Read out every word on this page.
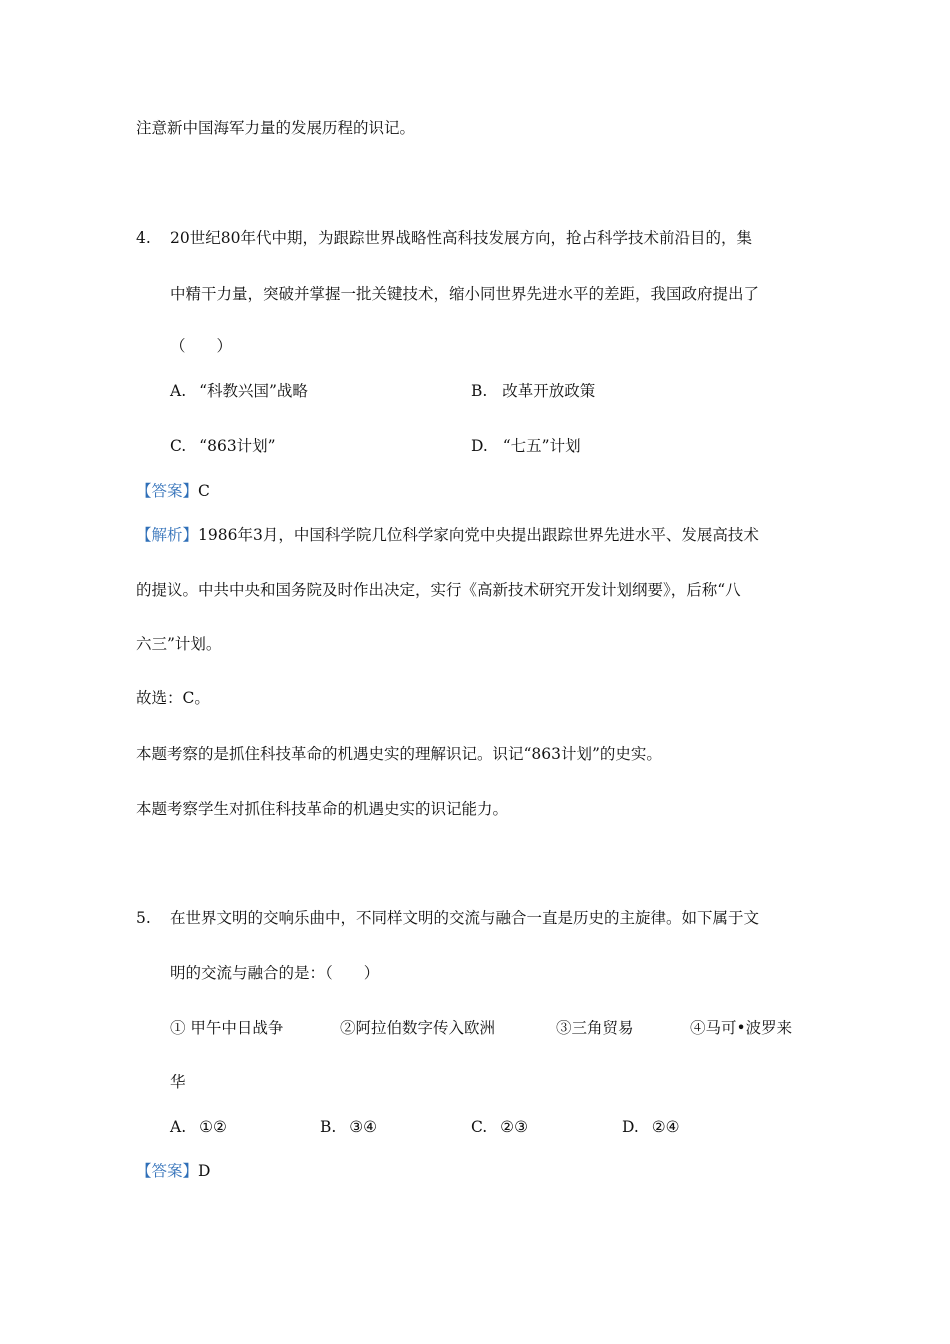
注意新中国海军力量的发展历程的识记。
4. 20世纪80年代中期，为跟踪世界战略性高科技发展方向，抢占科学技术前沿目的，集
中精干力量，突破并掌握一批关键技术，缩小同世界先进水平的差距，我国政府提出了
（　　）
A. “科教兴国”战略	B. 改革开放政策
C. “863计划”	D. “七五”计划
【答案】C
【解析】1986年3月，中国科学院几位科学家向党中央提出跟踪世界先进水平、发展高技术
的提议。中共中央和国务院及时作出决定，实行《高新技术研究开发计划纲要》，后称“八
六三”计划。
故选：C。
本题考察的是抓住科技革命的机遇史实的理解识记。识记“863计划”的史实。
本题考察学生对抓住科技革命的机遇史实的识记能力。
5. 在世界文明的交响乐曲中，不同样文明的交流与融合一直是历史的主旋律。如下属于文
明的交流与融合的是：（　　）
① 甲午中日战争	②阿拉伯数字传入欧洲	③三角贸易	④马可•波罗来
华
A. ①②	B. ③④	C. ②③	D. ②④
【答案】D
